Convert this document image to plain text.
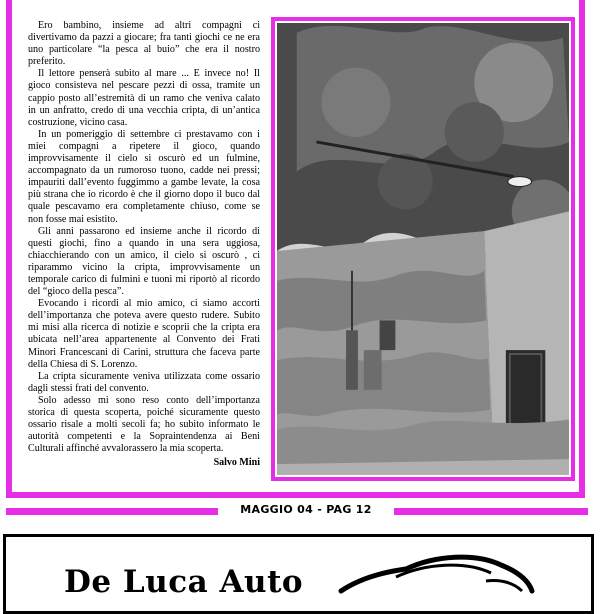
Ero bambino, insieme ad altri compagni ci divertivamo da pazzi a giocare; fra tanti giochi ce ne era uno particolare “la pesca al buio” che era il nostro preferito.

Il lettore penserà subito al mare ... E invece no! Il gioco consisteva nel pescare pezzi di ossa, tramite un cappio posto all’estremità di un ramo che veniva calato in un anfratto, credo di una vecchia cripta, di un’antica costruzione, vicino casa.

In un pomeriggio di settembre ci prestavamo con i miei compagni a ripetere il gioco, quando improvvisamente il cielo si oscurò ed un fulmine, accompagnato da un rumoroso tuono, cadde nei pressi; impauriti dall’evento fuggimmo a gambe levate, la cosa più strana che io ricordo è che il giorno dopo il buco dal quale pescavamo era completamente chiuso, come se non fosse mai esistito.

Gli anni passarono ed insieme anche il ricordo di questi giochi, fino a quando in una sera uggiosa, chiacchierando con un amico, il cielo si oscurò , ci riparammo vicino la cripta, improvvisamente un temporale carico di fulmini e tuoni mi riportò al ricordo del “gioco della pesca”.

Evocando i ricordi al mio amico, ci siamo accorti dell’importanza che poteva avere questo rudere. Subito mi misi alla ricerca di notizie e scoprii che la cripta era ubicata nell’area appartenente al Convento dei Frati Minori Francescani di Carini, struttura che faceva parte della Chiesa di S. Lorenzo.

La cripta sicuramente veniva utilizzata come ossario dagli stessi frati del convento.

Solo adesso mi sono reso conto dell’importanza storica di questa scoperta, poiché sicuramente questo ossario risale a molti secoli fa; ho subito informato le autorità competenti e la Sopraintendenza ai Beni Culturali affinché avvalorassero la mia scoperta.

Salvo Mini

MAGGIO 04 - PAG 12
De Luca Auto
